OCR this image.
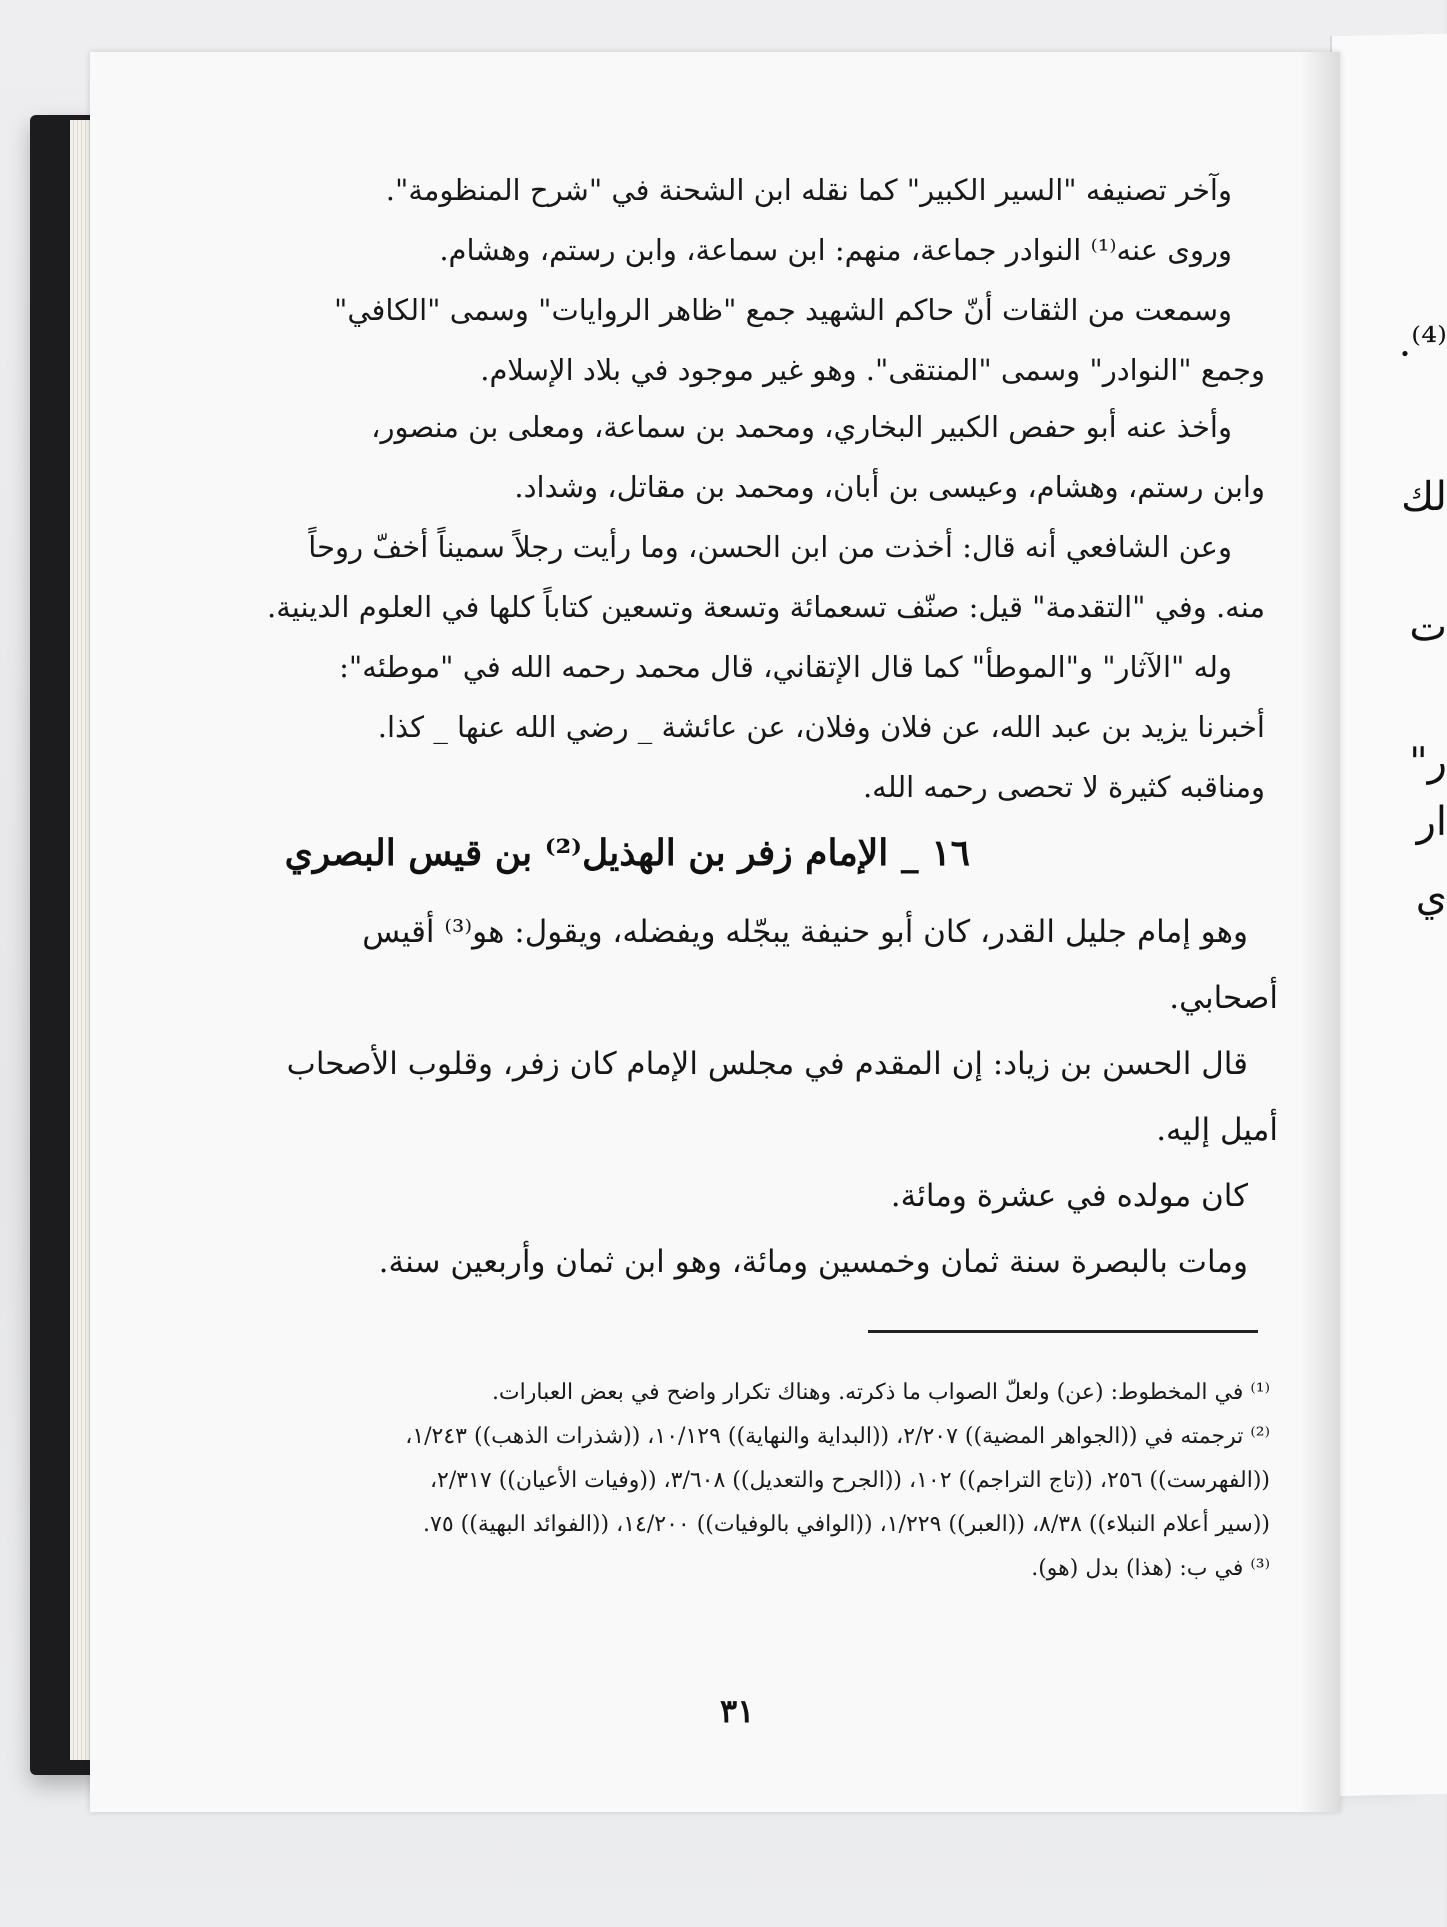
⁽⁴⁾.
لك
ت
ر"
ار
ي
وآخر تصنيفه "السير الكبير" كما نقله ابن الشحنة في "شرح المنظومة".
وروى عنه⁽¹⁾ النوادر جماعة، منهم: ابن سماعة، وابن رستم، وهشام.
وسمعت من الثقات أنّ حاكم الشهيد جمع "ظاهر الروايات" وسمى "الكافي"
وجمع "النوادر" وسمى "المنتقى". وهو غير موجود في بلاد الإسلام.
وأخذ عنه أبو حفص الكبير البخاري، ومحمد بن سماعة، ومعلى بن منصور،
وابن رستم، وهشام، وعيسى بن أبان، ومحمد بن مقاتل، وشداد.
وعن الشافعي أنه قال: أخذت من ابن الحسن، وما رأيت رجلاً سميناً أخفّ روحاً
منه. وفي "التقدمة" قيل: صنّف تسعمائة وتسعة وتسعين كتاباً كلها في العلوم الدينية.
وله "الآثار" و"الموطأ" كما قال الإتقاني، قال محمد رحمه الله في "موطئه":
أخبرنا يزيد بن عبد الله، عن فلان وفلان، عن عائشة _ رضي الله عنها _ كذا.
ومناقبه كثيرة لا تحصى رحمه الله.
١٦ _ الإمام زفر بن الهذيل⁽²⁾ بن قيس البصري
وهو إمام جليل القدر، كان أبو حنيفة يبجّله ويفضله، ويقول: هو⁽³⁾ أقيس
أصحابي.
قال الحسن بن زياد: إن المقدم في مجلس الإمام كان زفر، وقلوب الأصحاب
أميل إليه.
كان مولده في عشرة ومائة.
ومات بالبصرة سنة ثمان وخمسين ومائة، وهو ابن ثمان وأربعين سنة.
⁽¹⁾ في المخطوط: (عن) ولعلّ الصواب ما ذكرته. وهناك تكرار واضح في بعض العبارات.
⁽²⁾ ترجمته في ((الجواهر المضية)) ٢/٢٠٧، ((البداية والنهاية)) ١٠/١٢٩، ((شذرات الذهب)) ١/٢٤٣،
((الفهرست)) ٢٥٦، ((تاج التراجم)) ١٠٢، ((الجرح والتعديل)) ٣/٦٠٨، ((وفيات الأعيان)) ٢/٣١٧،
((سير أعلام النبلاء)) ٨/٣٨، ((العبر)) ١/٢٢٩، ((الوافي بالوفيات)) ١٤/٢٠٠، ((الفوائد البهية)) ٧٥.
⁽³⁾ في ب: (هذا) بدل (هو).
٣١
